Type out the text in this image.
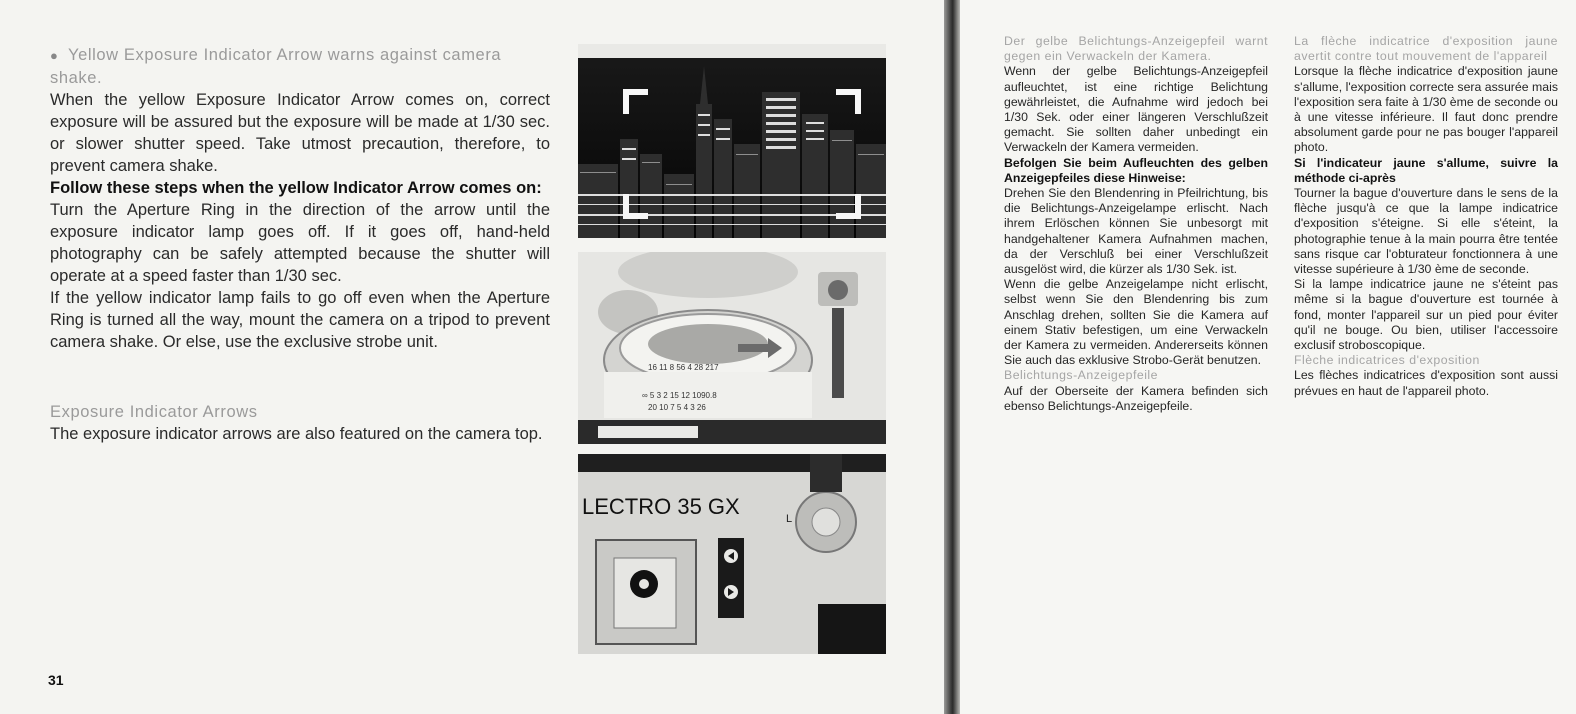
● Yellow Exposure Indicator Arrow warns against camera shake.

When the yellow Exposure Indicator Arrow comes on, correct exposure will be assured but the exposure will be made at 1/30 sec. or slower shutter speed. Take utmost precaution, therefore, to prevent camera shake.

Follow these steps when the yellow Indicator Arrow comes on:

Turn the Aperture Ring in the direction of the arrow until the exposure indicator lamp goes off. If it goes off, hand-held photography can be safely attempted because the shutter will operate at a speed faster than 1/30 sec.

If the yellow indicator lamp fails to go off even when the Aperture Ring is turned all the way, mount the camera on a tripod to prevent camera shake. Or else, use the exclusive strobe unit.

Exposure Indicator Arrows

The exposure indicator arrows are also featured on the camera top.

16 11 8 56 4 28 217
∞ 5 3 2 15 12 1090.8
20 10 7 5 4 3 26
LECTRO 35 GX	L
31

Der gelbe Belichtungs-Anzeigepfeil warnt gegen ein Verwackeln der Kamera.

Wenn der gelbe Belichtungs-Anzeigepfeil aufleuchtet, ist eine richtige Belichtung gewährleistet, die Aufnahme wird jedoch bei 1/30 Sek. oder einer längeren Verschlußzeit gemacht. Sie sollten daher unbedingt ein Verwackeln der Kamera vermeiden.

Befolgen Sie beim Aufleuchten des gelben Anzeigepfeiles diese Hinweise:

Drehen Sie den Blendenring in Pfeilrichtung, bis die Belichtungs-Anzeigelampe erlischt. Nach ihrem Erlöschen können Sie unbesorgt mit handgehaltener Kamera Aufnahmen machen, da der Verschluß bei einer Verschlußzeit ausgelöst wird, die kürzer als 1/30 Sek. ist.

Wenn die gelbe Anzeigelampe nicht erlischt, selbst wenn Sie den Blendenring bis zum Anschlag drehen, sollten Sie die Kamera auf einem Stativ befestigen, um eine Verwackeln der Kamera zu vermeiden. Andererseits können Sie auch das exklusive Strobo-Gerät benutzen.

Belichtungs-Anzeigepfeile

Auf der Oberseite der Kamera befinden sich ebenso Belichtungs-Anzeigepfeile.

La flèche indicatrice d'exposition jaune avertit contre tout mouvement de l'appareil

Lorsque la flèche indicatrice d'exposition jaune s'allume, l'exposition correcte sera assurée mais l'exposition sera faite à 1/30 ème de seconde ou à une vitesse inférieure. Il faut donc prendre absolument garde pour ne pas bouger l'appareil photo.

Si l'indicateur jaune s'allume, suivre la méthode ci-après

Tourner la bague d'ouverture dans le sens de la flèche jusqu'à ce que la lampe indicatrice d'exposition s'éteigne. Si elle s'éteint, la photographie tenue à la main pourra être tentée sans risque car l'obturateur fonctionnera à une vitesse supérieure à 1/30 ème de seconde.

Si la lampe indicatrice jaune ne s'éteint pas même si la bague d'ouverture est tournée à fond, monter l'appareil sur un pied pour éviter qu'il ne bouge. Ou bien, utiliser l'accessoire exclusif stroboscopique.

Flèche indicatrices d'exposition

Les flèches indicatrices d'exposition sont aussi prévues en haut de l'appareil photo.
